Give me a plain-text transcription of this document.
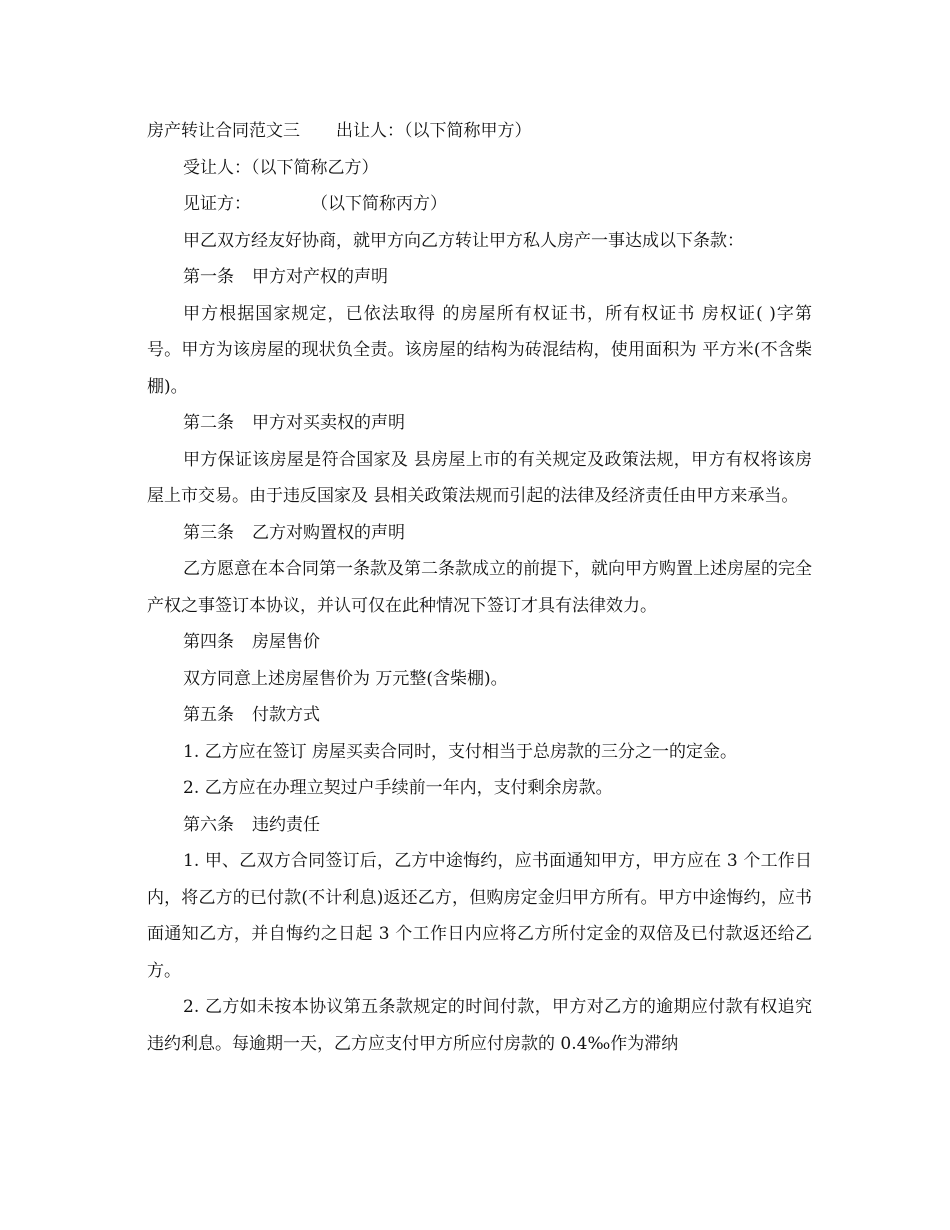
房产转让合同范文三 出让人：（以下简称甲方）

受让人：（以下简称乙方）

见证方：	（以下简称丙方）

甲乙双方经友好协商，就甲方向乙方转让甲方私人房产一事达成以下条款：

第一条 甲方对产权的声明

甲方根据国家规定，已依法取得 的房屋所有权证书，所有权证书 房权证( )字第 号。甲方为该房屋的现状负全责。该房屋的结构为砖混结构，使用面积为 平方米(不含柴棚)。

第二条 甲方对买卖权的声明

甲方保证该房屋是符合国家及 县房屋上市的有关规定及政策法规，甲方有权将该房屋上市交易。由于违反国家及 县相关政策法规而引起的法律及经济责任由甲方来承当。

第三条 乙方对购置权的声明

乙方愿意在本合同第一条款及第二条款成立的前提下，就向甲方购置上述房屋的完全产权之事签订本协议，并认可仅在此种情况下签订才具有法律效力。

第四条 房屋售价

双方同意上述房屋售价为 万元整(含柴棚)。

第五条 付款方式

1. 乙方应在签订 房屋买卖合同时，支付相当于总房款的三分之一的定金。

2. 乙方应在办理立契过户手续前一年内，支付剩余房款。

第六条 违约责任

1. 甲、乙双方合同签订后，乙方中途悔约，应书面通知甲方，甲方应在 3 个工作日内，将乙方的已付款(不计利息)返还乙方，但购房定金归甲方所有。甲方中途悔约，应书面通知乙方，并自悔约之日起 3 个工作日内应将乙方所付定金的双倍及已付款返还给乙方。

2. 乙方如未按本协议第五条款规定的时间付款，甲方对乙方的逾期应付款有权追究违约利息。每逾期一天，乙方应支付甲方所应付房款的 0.4‰作为滞纳
